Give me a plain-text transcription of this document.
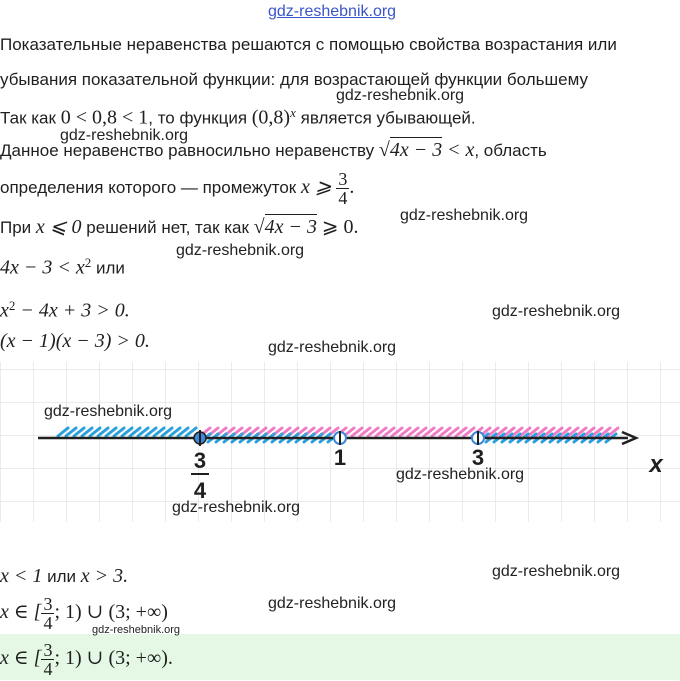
gdz-reshebnik.org
Показательные неравенства решаются с помощью свойства возрастания или
убывания показательной функции: для возрастающей функции большему
Так как 0 < 0,8 < 1, то функция $(0,8)^x$ является убывающей.
Данное неравенство равносильно неравенству √4x − 3 < x, область
определения которого — промежуток x ⩾ $\frac{3}{4}$ .
При x ⩽ 0 решений нет, так как √4x − 3 ⩾ 0.
$4x - 3 < x^2$ или
$x^2 - 4x + 3 > 0$.
(x − 1)(x − 3) > 0.
3
4
1	3	x
x < 1 или x > 3.
x ∈ [ $\frac{3}{4}$ ; 1) ∪ (3; +∞)
x ∈ [ $\frac{3}{4}$ ; 1) ∪ (3; +∞).
gdz-reshebnik.org
gdz-reshebnik.org
gdz-reshebnik.org
gdz-reshebnik.org
gdz-reshebnik.org
gdz-reshebnik.org
gdz-reshebnik.org
gdz-reshebnik.org
gdz-reshebnik.org
gdz-reshebnik.org
gdz-reshebnik.org
gdz-reshebnik.org
